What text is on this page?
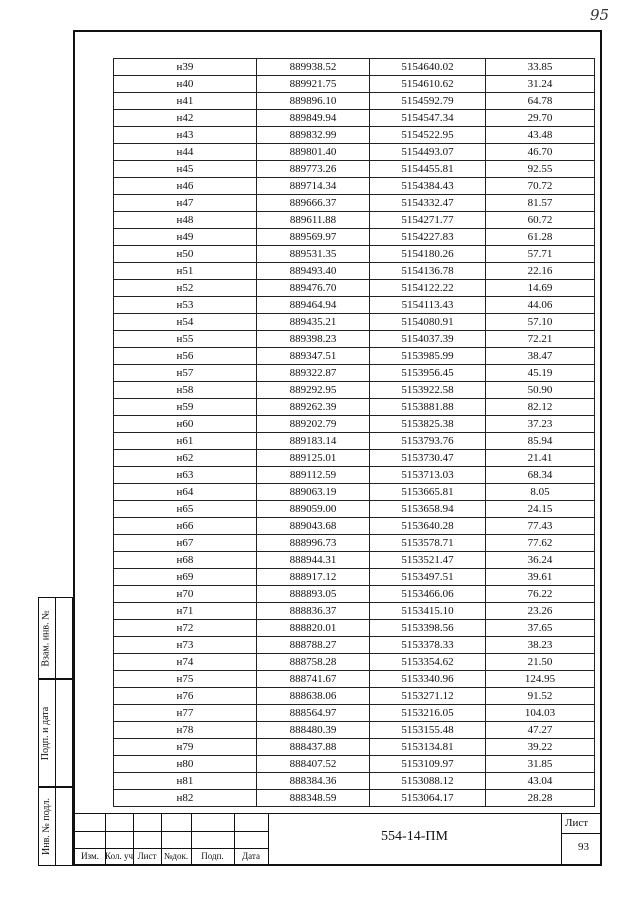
95
н39	889938.52	5154640.02	33.85
н40	889921.75	5154610.62	31.24
н41	889896.10	5154592.79	64.78
н42	889849.94	5154547.34	29.70
н43	889832.99	5154522.95	43.48
н44	889801.40	5154493.07	46.70
н45	889773.26	5154455.81	92.55
н46	889714.34	5154384.43	70.72
н47	889666.37	5154332.47	81.57
н48	889611.88	5154271.77	60.72
н49	889569.97	5154227.83	61.28
н50	889531.35	5154180.26	57.71
н51	889493.40	5154136.78	22.16
н52	889476.70	5154122.22	14.69
н53	889464.94	5154113.43	44.06
н54	889435.21	5154080.91	57.10
н55	889398.23	5154037.39	72.21
н56	889347.51	5153985.99	38.47
н57	889322.87	5153956.45	45.19
н58	889292.95	5153922.58	50.90
н59	889262.39	5153881.88	82.12
н60	889202.79	5153825.38	37.23
н61	889183.14	5153793.76	85.94
н62	889125.01	5153730.47	21.41
н63	889112.59	5153713.03	68.34
н64	889063.19	5153665.81	8.05
н65	889059.00	5153658.94	24.15
н66	889043.68	5153640.28	77.43
н67	888996.73	5153578.71	77.62
н68	888944.31	5153521.47	36.24
н69	888917.12	5153497.51	39.61
н70	888893.05	5153466.06	76.22
н71	888836.37	5153415.10	23.26
н72	888820.01	5153398.56	37.65
н73	888788.27	5153378.33	38.23
н74	888758.28	5153354.62	21.50
н75	888741.67	5153340.96	124.95
н76	888638.06	5153271.12	91.52
н77	888564.97	5153216.05	104.03
н78	888480.39	5153155.48	47.27
н79	888437.88	5153134.81	39.22
н80	888407.52	5153109.97	31.85
н81	888384.36	5153088.12	43.04
н82	888348.59	5153064.17	28.28
Взам. инв. №
Подп. и дата
Инв. № подл.
Изм. Кол. уч Лист №док.	Подп.	Дата
554-14-ПМ
Лист
93
